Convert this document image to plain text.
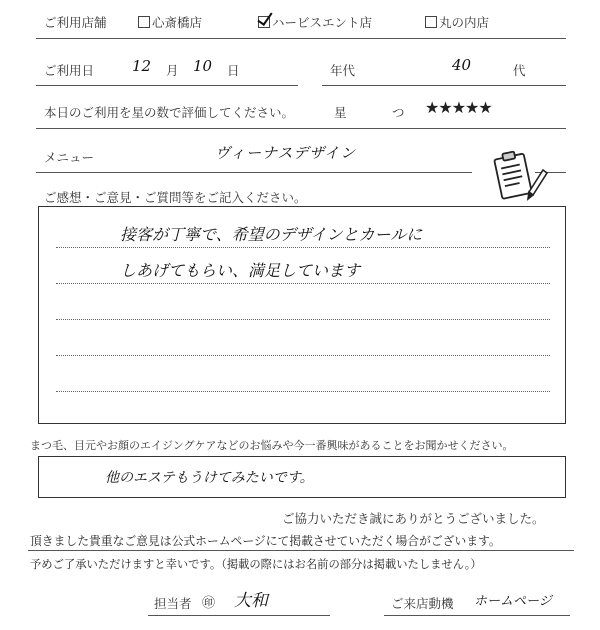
ご利用店舗	心斎橋店	ハービスエント店	丸の内店
ご利用日	12 月 10 日	年代	40	代
本日のご利用を星の数で評価してください。	星	つ ★★★★★
メニュー	ヴィーナスデザイン
ご感想・ご意見・ご質問等をご記入ください。
接客が丁寧で、希望のデザインとカールに
しあげてもらい、満足しています
まつ毛、目元やお顔のエイジングケアなどのお悩みや今一番興味があることをお聞かせください。
他のエステもうけてみたいです。
ご協力いただき誠にありがとうございました。
頂きました貴重なご意見は公式ホームページにて掲載させていただく場合がございます。
予めご了承いただけますと幸いです。（掲載の際にはお名前の部分は掲載いたしません。）
担当者 ㊞ 大和	ご来店動機 ホームページ
